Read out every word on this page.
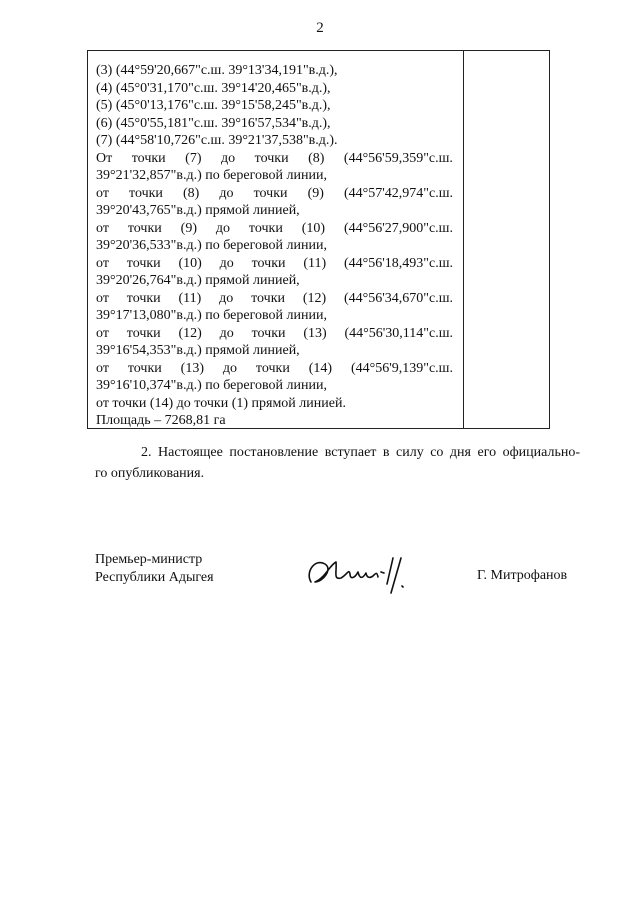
2
(3) (44°59'20,667"с.ш. 39°13'34,191"в.д.),
(4) (45°0'31,170"с.ш. 39°14'20,465"в.д.),
(5) (45°0'13,176"с.ш. 39°15'58,245"в.д.),
(6) (45°0'55,181"с.ш. 39°16'57,534"в.д.),
(7) (44°58'10,726"с.ш. 39°21'37,538"в.д.).
От точки (7) до точки (8) (44°56'59,359"с.ш.
39°21'32,857"в.д.) по береговой линии,
от точки (8) до точки (9) (44°57'42,974"с.ш.
39°20'43,765"в.д.) прямой линией,
от точки (9) до точки (10) (44°56'27,900"с.ш.
39°20'36,533"в.д.) по береговой линии,
от точки (10) до точки (11) (44°56'18,493"с.ш.
39°20'26,764"в.д.) прямой линией,
от точки (11) до точки (12) (44°56'34,670"с.ш.
39°17'13,080"в.д.) по береговой линии,
от точки (12) до точки (13) (44°56'30,114"с.ш.
39°16'54,353"в.д.) прямой линией,
от точки (13) до точки (14) (44°56'9,139"с.ш.
39°16'10,374"в.д.) по береговой линии,
от точки (14) до точки (1) прямой линией.
Площадь – 7268,81 га
2. Настоящее постановление вступает в силу со дня его официально-
го опубликования.
Премьер-министр
Республики Адыгея	Г. Митрофанов
